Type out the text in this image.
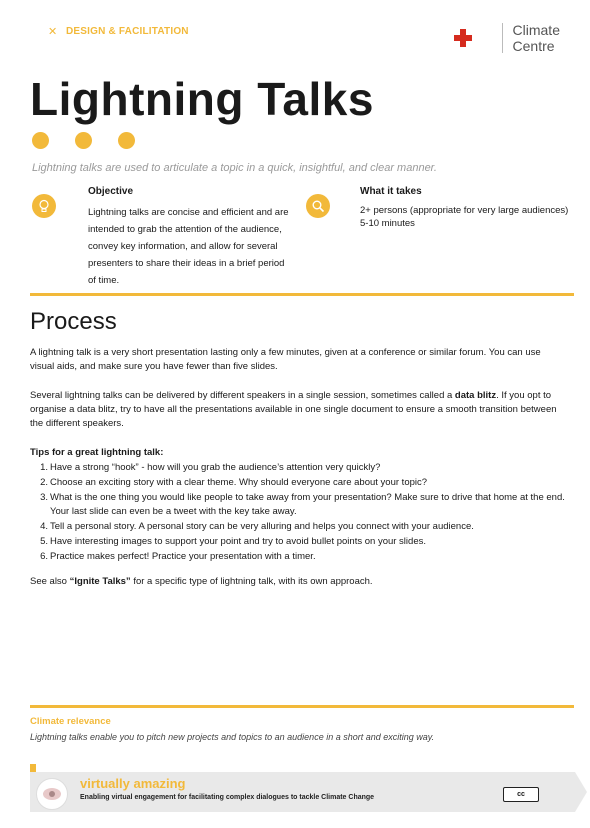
✕ DESIGN & FACILITATION	Climate
Centre
Lightning Talks
Lightning talks are used to articulate a topic in a quick, insightful, and clear manner.
Objective
Lightning talks are concise and efficient and are intended to grab the attention of the audience, convey key information, and allow for several presenters to share their ideas in a brief period of time.
What it takes
2+ persons (appropriate for very large audiences)
5-10 minutes
Process
A lightning talk is a very short presentation lasting only a few minutes, given at a conference or similar forum. You can use visual aids, and make sure you have fewer than five slides.
Several lightning talks can be delivered by different speakers in a single session, sometimes called a data blitz. If you opt to organise a data blitz, try to have all the presentations available in one single document to ensure a smooth transition between the different speakers.
Tips for a great lightning talk:
1. Have a strong “hook” - how will you grab the audience’s attention very quickly?
2. Choose an exciting story with a clear theme. Why should everyone care about your topic?
3. What is the one thing you would like people to take away from your presentation? Make sure to drive that home at the end. Your last slide can even be a tweet with the key take away.
4. Tell a personal story. A personal story can be very alluring and helps you connect with your audience.
5. Have interesting images to support your point and try to avoid bullet points on your slides.
6. Practice makes perfect! Practice your presentation with a timer.
See also “Ignite Talks” for a specific type of lightning talk, with its own approach.
Climate relevance
Lightning talks enable you to pitch new projects and topics to an audience in a short and exciting way.
virtually amazing
Enabling virtual engagement for facilitating complex dialogues to tackle Climate Change	cc
